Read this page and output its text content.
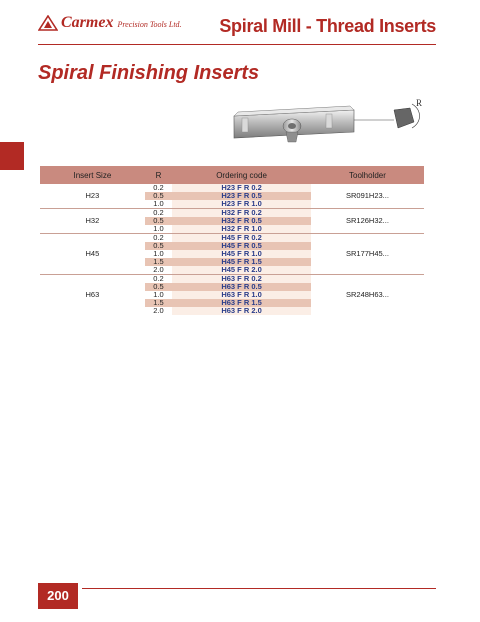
Carmex Precision Tools Ltd. Spiral Mill - Thread Inserts
Spiral Finishing Inserts
R
Insert Size	R	Ordering code	Toolholder
H23	0.2	H23 F R 0.2	SR091H23...
	0.5	H23 F R 0.5	
	1.0	H23 F R 1.0	
H32	0.2	H32 F R 0.2	SR126H32...
	0.5	H32 F R 0.5	
	1.0	H32 F R 1.0	
H45	0.2	H45 F R 0.2	SR177H45...
	0.5	H45 F R 0.5	
	1.0	H45 F R 1.0	
	1.5	H45 F R 1.5	
	2.0	H45 F R 2.0	
H63	0.2	H63 F R 0.2	SR248H63...
	0.5	H63 F R 0.5	
	1.0	H63 F R 1.0	
	1.5	H63 F R 1.5	
	2.0	H63 F R 2.0	
200
